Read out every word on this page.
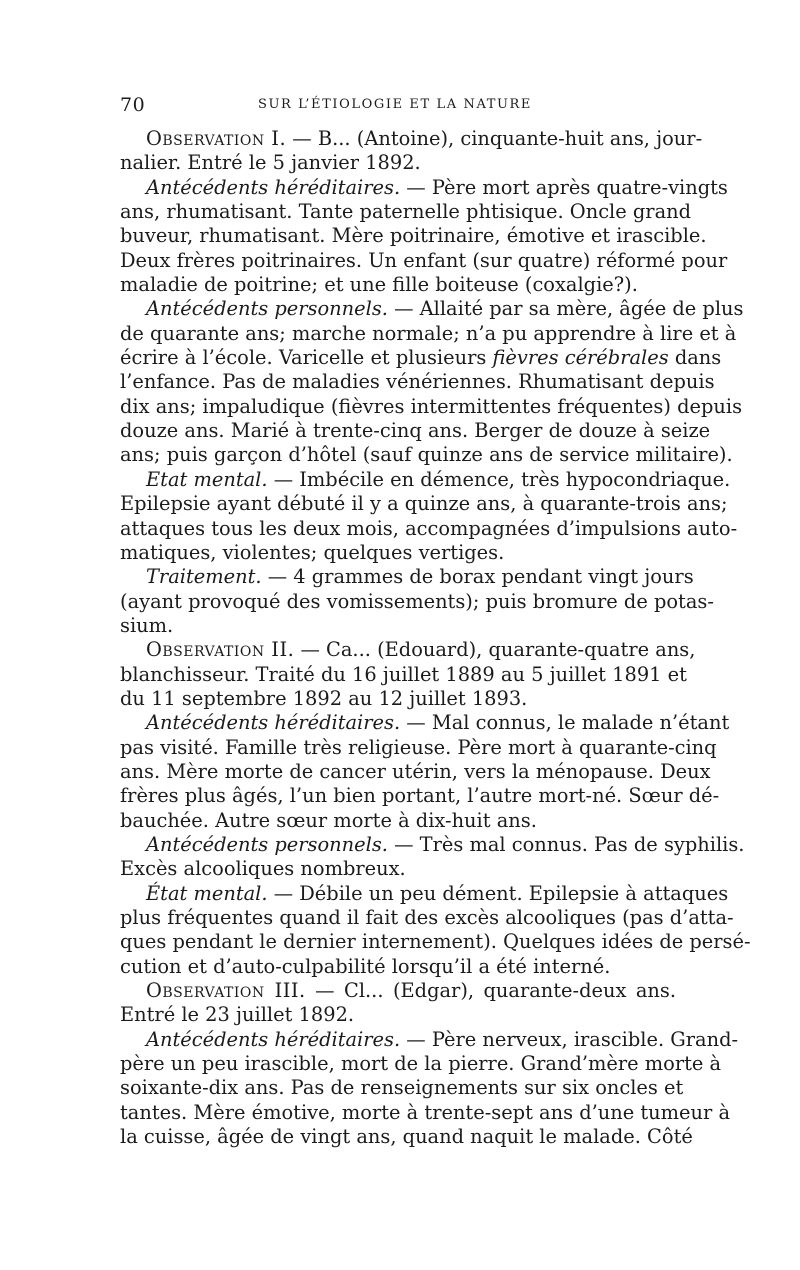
70	SUR L’ÉTIOLOGIE ET LA NATURE
Observation I. — B... (Antoine), cinquante-huit ans, jour-
nalier. Entré le 5 janvier 1892.
Antécédents héréditaires. — Père mort après quatre-vingts
ans, rhumatisant. Tante paternelle phtisique. Oncle grand
buveur, rhumatisant. Mère poitrinaire, émotive et irascible.
Deux frères poitrinaires. Un enfant (sur quatre) réformé pour
maladie de poitrine; et une fille boiteuse (coxalgie?).
Antécédents personnels. — Allaité par sa mère, âgée de plus
de quarante ans; marche normale; n’a pu apprendre à lire et à
écrire à l’école. Varicelle et plusieurs fièvres cérébrales dans
l’enfance. Pas de maladies vénériennes. Rhumatisant depuis
dix ans; impaludique (fièvres intermittentes fréquentes) depuis
douze ans. Marié à trente-cinq ans. Berger de douze à seize
ans; puis garçon d’hôtel (sauf quinze ans de service militaire).
Etat mental. — Imbécile en démence, très hypocondriaque.
Epilepsie ayant débuté il y a quinze ans, à quarante-trois ans;
attaques tous les deux mois, accompagnées d’impulsions auto-
matiques, violentes; quelques vertiges.
Traitement. — 4 grammes de borax pendant vingt jours
(ayant provoqué des vomissements); puis bromure de potas-
sium.
Observation II. — Ca... (Edouard), quarante-quatre ans,
blanchisseur. Traité du 16 juillet 1889 au 5 juillet 1891 et
du 11 septembre 1892 au 12 juillet 1893.
Antécédents héréditaires. — Mal connus, le malade n’étant
pas visité. Famille très religieuse. Père mort à quarante-cinq
ans. Mère morte de cancer utérin, vers la ménopause. Deux
frères plus âgés, l’un bien portant, l’autre mort-né. Sœur dé-
bauchée. Autre sœur morte à dix-huit ans.
Antécédents personnels. — Très mal connus. Pas de syphilis.
Excès alcooliques nombreux.
État mental. — Débile un peu dément. Epilepsie à attaques
plus fréquentes quand il fait des excès alcooliques (pas d’atta-
ques pendant le dernier internement). Quelques idées de persé-
cution et d’auto-culpabilité lorsqu’il a été interné.
Observation III. — Cl... (Edgar), quarante-deux ans.
Entré le 23 juillet 1892.
Antécédents héréditaires. — Père nerveux, irascible. Grand-
père un peu irascible, mort de la pierre. Grand’mère morte à
soixante-dix ans. Pas de renseignements sur six oncles et
tantes. Mère émotive, morte à trente-sept ans d’une tumeur à
la cuisse, âgée de vingt ans, quand naquit le malade. Côté
